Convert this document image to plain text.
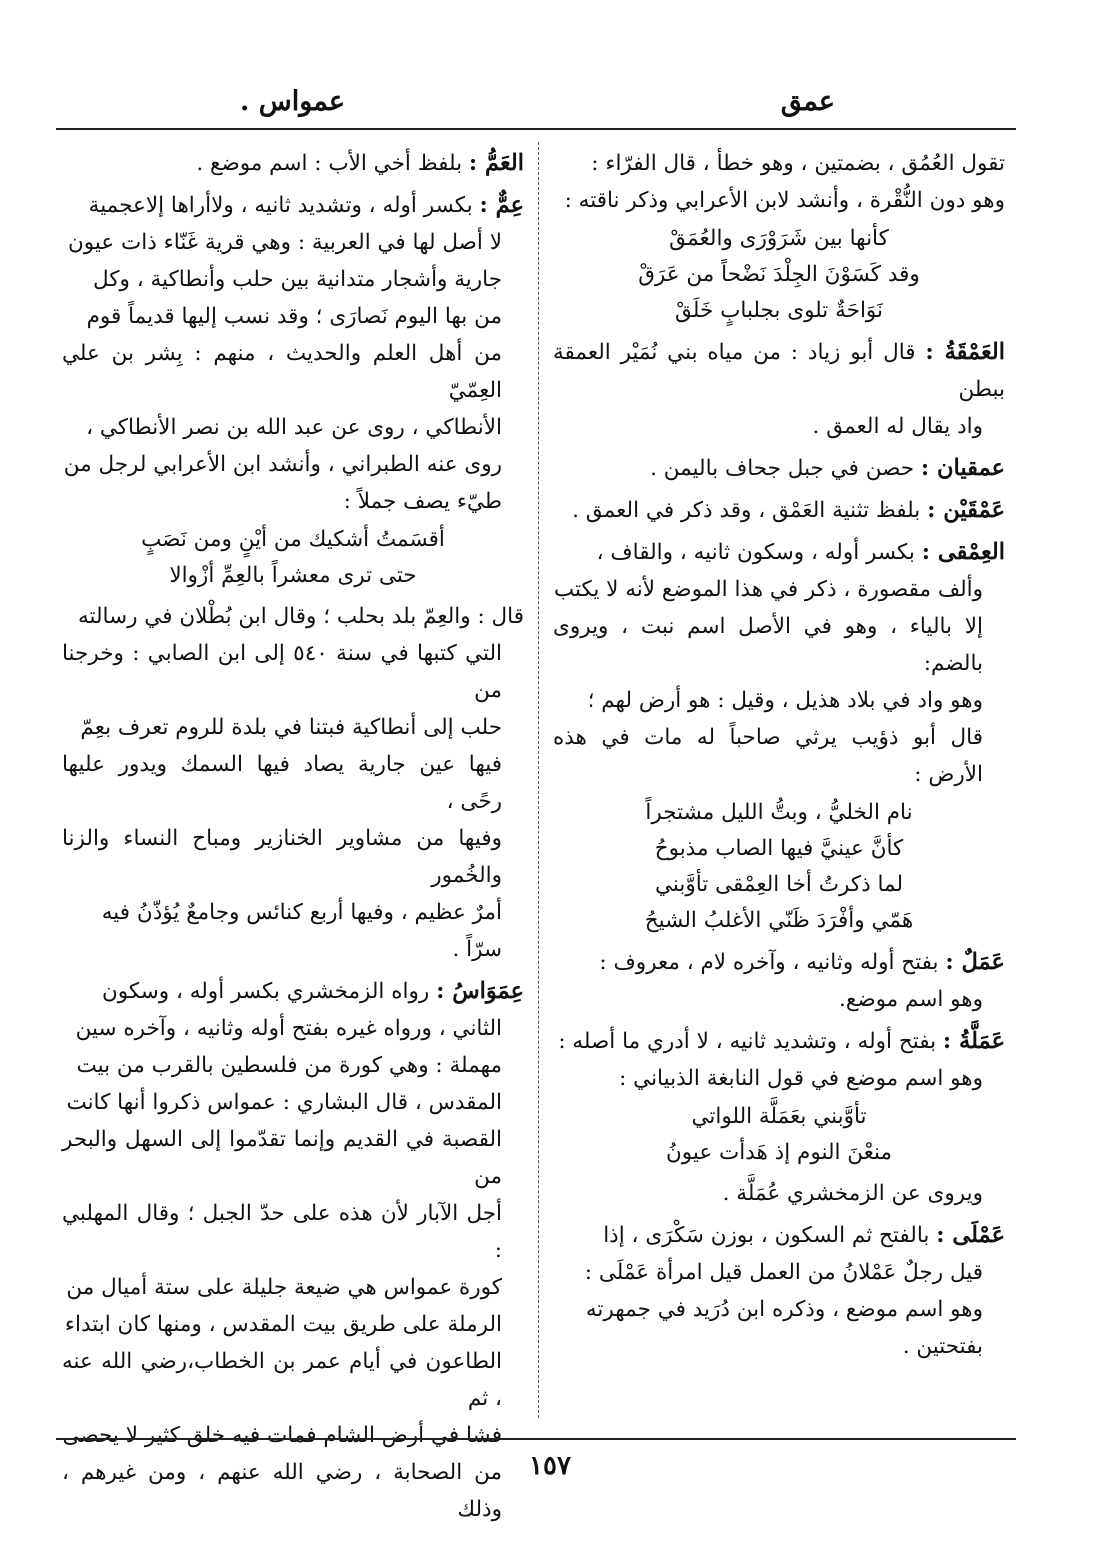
عمق
عمواس .
تقول العُمُق ، بضمتين ، وهو خطأ ، قال الفرّاء :
وهو دون النُّقْرة ، وأنشد لابن الأعرابي وذكر ناقته :
كأنها بين شَرَوْرَى والعُمَقْ
وقد كَسَوْنَ الجِلْدَ نَضْحاً من عَرَقْ
نَوَاحَةٌ تلوى بجلبابٍ خَلَقْ
العَمْقَةُ : قال أبو زياد : من مياه بني نُمَيْر العمقة ببطن
واد يقال له العمق .
عمقيان : حصن في جبل جحاف باليمن .
عَمْقَيْن : بلفظ تثنية العَمْق ، وقد ذكر في العمق .
العِمْقى : بكسر أوله ، وسكون ثانيه ، والقاف ،
وألف مقصورة ، ذكر في هذا الموضع لأنه لا يكتب
إلا بالياء ، وهو في الأصل اسم نبت ، ويروى بالضم:
وهو واد في بلاد هذيل ، وقيل : هو أرض لهم ؛
قال أبو ذؤيب يرثي صاحباً له مات في هذه الأرض :
نام الخليُّ ، وبتُّ الليل مشتجراً
كأنَّ عينيَّ فيها الصاب مذبوحُ
لما ذكرتُ أخا العِمْقى تأوَّبني
هَمّي وأفْرَدَ ظَنّي الأغلبُ الشيحُ
عَمَلٌ : بفتح أوله وثانيه ، وآخره لام ، معروف :
وهو اسم موضع.
عَمَلَّةُ : بفتح أوله ، وتشديد ثانيه ، لا أدري ما أصله :
وهو اسم موضع في قول النابغة الذبياني :
تأوَّبني بعَمَلَّة اللواتي
منعْنَ النوم إذ هَدأت عيونُ
ويروى عن الزمخشري عُمَلَّة .
عَمْلَى : بالفتح ثم السكون ، بوزن سَكْرَى ، إذا
قيل رجلٌ عَمْلانُ من العمل قيل امرأة عَمْلَى :
وهو اسم موضع ، وذكره ابن دُرَيد في جمهرته
بفتحتين .
العَمُّ : بلفظ أخي الأب : اسم موضع .
عِمٌّ : بكسر أوله ، وتشديد ثانيه ، ولاأراها إلاعجمية
لا أصل لها في العربية : وهي قرية غَنّاء ذات عيون
جارية وأشجار متدانية بين حلب وأنطاكية ، وكل
من بها اليوم نَصارَى ؛ وقد نسب إليها قديماً قوم
من أهل العلم والحديث ، منهم : بِشر بن علي العِمّيّ
الأنطاكي ، روى عن عبد الله بن نصر الأنطاكي ،
روى عنه الطبراني ، وأنشد ابن الأعرابي لرجل من
طيّء يصف جملاً :
أقسَمتُ أشكيك من أيْنٍ ومن نَصَبٍ
حتى ترى معشراً بالعِمِّ أزْوالا
قال : والعِمّ بلد بحلب ؛ وقال ابن بُطْلان في رسالته
التي كتبها في سنة ٥٤٠ إلى ابن الصابي : وخرجنا من
حلب إلى أنطاكية فبتنا في بلدة للروم تعرف بعِمّ
فيها عين جارية يصاد فيها السمك ويدور عليها رحًى ،
وفيها من مشاوير الخنازير ومباح النساء والزنا والخُمور
أمرٌ عظيم ، وفيها أربع كنائس وجامعٌ يُؤذّنُ فيه
سرّاً .
عِمَوَاسُ : رواه الزمخشري بكسر أوله ، وسكون
الثاني ، ورواه غيره بفتح أوله وثانيه ، وآخره سين
مهملة : وهي كورة من فلسطين بالقرب من بيت
المقدس ، قال البشاري : عمواس ذكروا أنها كانت
القصبة في القديم وإنما تقدّموا إلى السهل والبحر من
أجل الآبار لأن هذه على حدّ الجبل ؛ وقال المهلبي :
كورة عمواس هي ضيعة جليلة على ستة أميال من
الرملة على طريق بيت المقدس ، ومنها كان ابتداء
الطاعون في أيام عمر بن الخطاب،رضي الله عنه ، ثم
فشا في أرض الشام فمات فيه خلق كثير لا يحصى
من الصحابة ، رضي الله عنهم ، ومن غيرهم ، وذلك
١٥٧
